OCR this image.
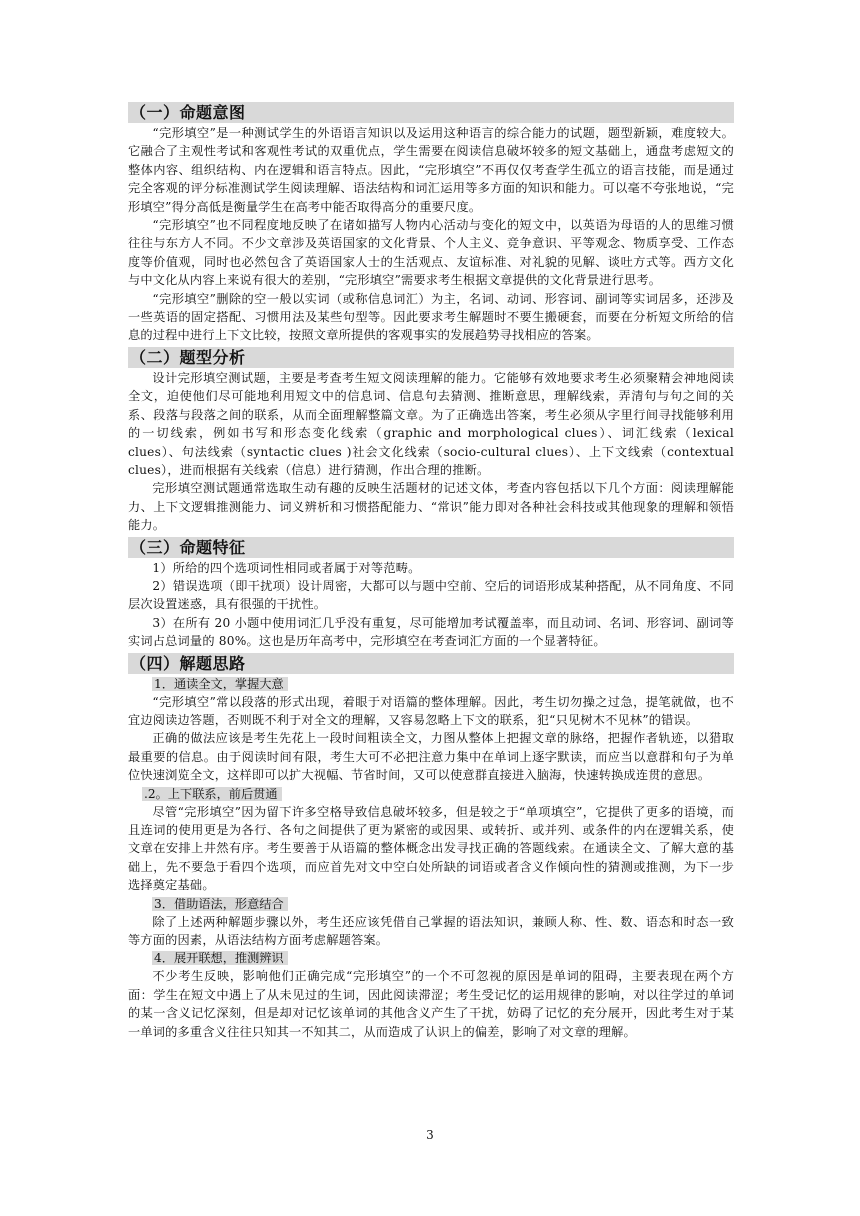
（一）命题意图

“完形填空”是一种测试学生的外语语言知识以及运用这种语言的综合能力的试题，题型新颖，难度较大。它融合了主观性考试和客观性考试的双重优点，学生需要在阅读信息破坏较多的短文基础上，通盘考虑短文的整体内容、组织结构、内在逻辑和语言特点。因此，“完形填空”不再仅仅考查学生孤立的语言技能，而是通过完全客观的评分标准测试学生阅读理解、语法结构和词汇运用等多方面的知识和能力。可以毫不夸张地说，“完形填空”得分高低是衡量学生在高考中能否取得高分的重要尺度。

“完形填空”也不同程度地反映了在诸如描写人物内心活动与变化的短文中，以英语为母语的人的思维习惯往往与东方人不同。不少文章涉及英语国家的文化背景、个人主义、竞争意识、平等观念、物质享受、工作态度等价值观，同时也必然包含了英语国家人士的生活观点、友谊标准、对礼貌的见解、谈吐方式等。西方文化与中文化从内容上来说有很大的差别，“完形填空”需要求考生根据文章提供的文化背景进行思考。

“完形填空”删除的空一般以实词（或称信息词汇）为主，名词、动词、形容词、副词等实词居多，还涉及一些英语的固定搭配、习惯用法及某些句型等。因此要求考生解题时不要生搬硬套，而要在分析短文所给的信息的过程中进行上下文比较，按照文章所提供的客观事实的发展趋势寻找相应的答案。

（二）题型分析

设计完形填空测试题，主要是考查考生短文阅读理解的能力。它能够有效地要求考生必须聚精会神地阅读全文，迫使他们尽可能地利用短文中的信息词、信息句去猜测、推断意思，理解线索，弄清句与句之间的关系、段落与段落之间的联系，从而全面理解整篇文章。为了正确选出答案，考生必须从字里行间寻找能够利用的一切线索，例如书写和形态变化线索（graphic and morphological clues）、词汇线索（lexical clues）、句法线索（syntactic clues )社会文化线索（socio-cultural clues）、上下文线索（contextual clues），进而根据有关线索（信息）进行猜测，作出合理的推断。

完形填空测试题通常选取生动有趣的反映生活题材的记述文体，考查内容包括以下几个方面：阅读理解能力、上下文逻辑推测能力、词义辨析和习惯搭配能力、“常识”能力即对各种社会科技或其他现象的理解和领悟能力。

（三）命题特征

1）所给的四个选项词性相同或者属于对等范畴。

2）错误选项（即干扰项）设计周密，大都可以与题中空前、空后的词语形成某种搭配，从不同角度、不同层次设置迷惑，具有很强的干扰性。

3）在所有 20 小题中使用词汇几乎没有重复，尽可能增加考试覆盖率，而且动词、名词、形容词、副词等实词占总词量的 80%。这也是历年高考中，完形填空在考查词汇方面的一个显著特征。

（四）解题思路
1．通读全文，掌握大意

“完形填空”常以段落的形式出现，着眼于对语篇的整体理解。因此，考生切勿操之过急，提笔就做，也不宜边阅读边答题，否则既不利于对全文的理解，又容易忽略上下文的联系，犯“只见树木不见林”的错误。

正确的做法应该是考生先花上一段时间粗读全文，力图从整体上把握文章的脉络，把握作者轨迹，以猎取最重要的信息。由于阅读时间有限，考生大可不必把注意力集中在单词上逐字默读，而应当以意群和句子为单位快速浏览全文，这样即可以扩大视幅、节省时间，又可以使意群直接进入脑海，快速转换成连贯的意思。

.2。上下联系，前后贯通

尽管“完形填空”因为留下许多空格导致信息破坏较多，但是较之于“单项填空”，它提供了更多的语境，而且连词的使用更是为各行、各句之间提供了更为紧密的或因果、或转折、或并列、或条件的内在逻辑关系，使文章在安排上井然有序。考生要善于从语篇的整体概念出发寻找正确的答题线索。在通读全文、了解大意的基础上，先不要急于看四个选项，而应首先对文中空白处所缺的词语或者含义作倾向性的猜测或推测，为下一步选择奠定基础。

3．借助语法，形意结合

除了上述两种解题步骤以外，考生还应该凭借自己掌握的语法知识，兼顾人称、性、数、语态和时态一致等方面的因素，从语法结构方面考虑解题答案。

4．展开联想，推测辨识

不少考生反映，影响他们正确完成“完形填空”的一个不可忽视的原因是单词的阻碍，主要表现在两个方面：学生在短文中遇上了从未见过的生词，因此阅读滞涩；考生受记忆的运用规律的影响，对以往学过的单词的某一含义记忆深刻，但是却对记忆该单词的其他含义产生了干扰，妨碍了记忆的充分展开，因此考生对于某一单词的多重含义往往只知其一不知其二，从而造成了认识上的偏差，影响了对文章的理解。

3
